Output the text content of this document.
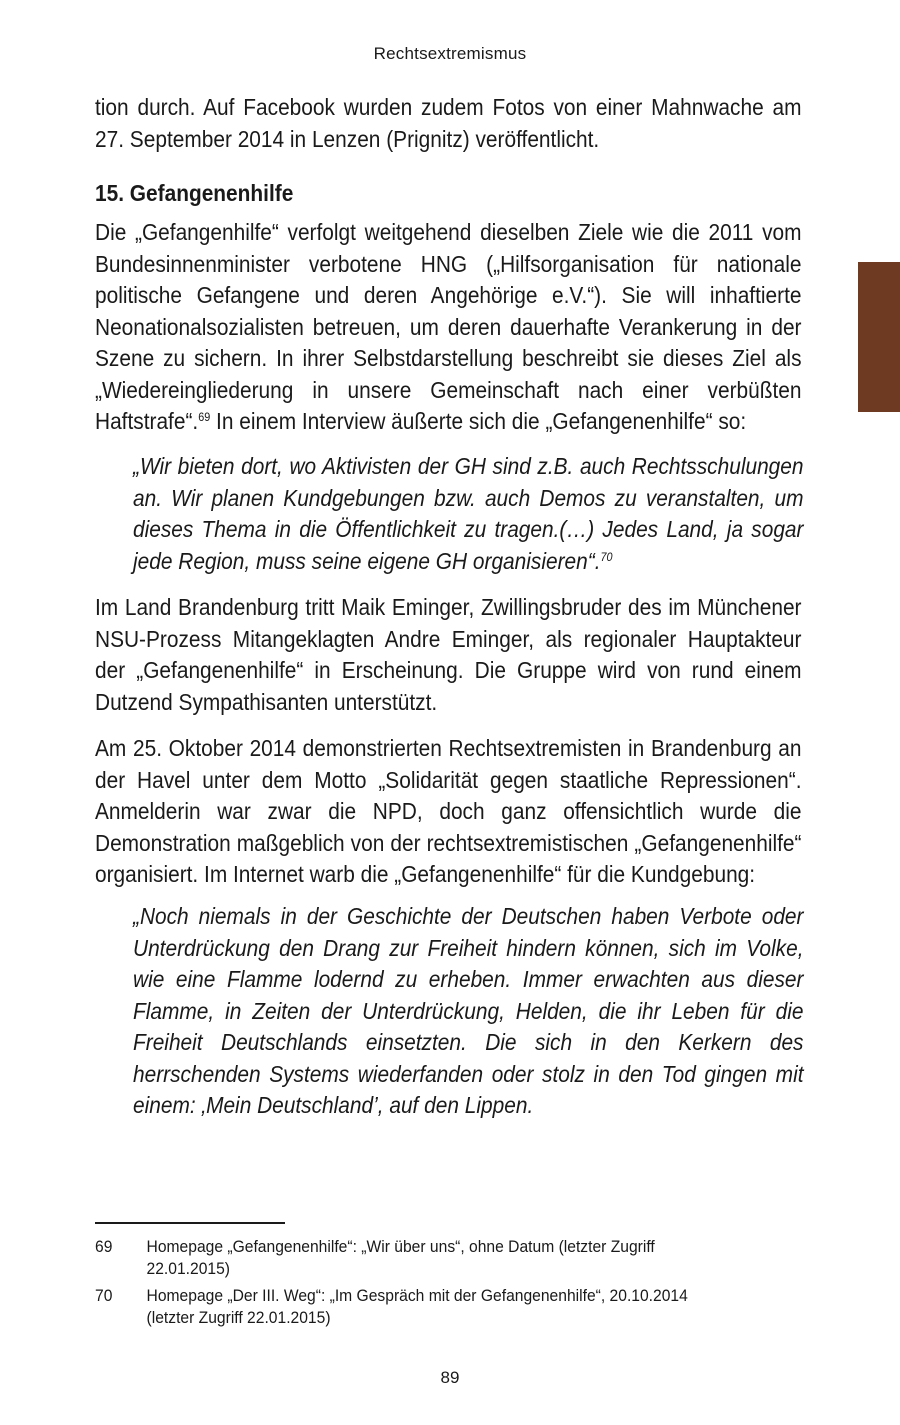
Rechtsextremismus

tion durch. Auf Facebook wurden zudem Fotos von einer Mahnwache am 27. September 2014 in Lenzen (Prignitz) veröffentlicht.

15. Gefangenenhilfe

Die „Gefangenhilfe“ verfolgt weitgehend dieselben Ziele wie die 2011 vom Bundesinnenminister verbotene HNG („Hilfsorganisation für nationale politische Gefangene und deren Angehörige e.V.“). Sie will inhaftierte Neonationalsozialisten betreuen, um deren dauerhafte Verankerung in der Szene zu sichern. In ihrer Selbstdarstellung beschreibt sie dieses Ziel als „Wiedereingliederung in unsere Gemeinschaft nach einer verbüßten Haftstrafe“.$^{69}$ In einem Interview äußerte sich die „Gefangenenhilfe“ so:

„Wir bieten dort, wo Aktivisten der GH sind z.B. auch Rechtsschulungen an. Wir planen Kundgebungen bzw. auch Demos zu veranstalten, um dieses Thema in die Öffentlichkeit zu tragen.(…) Jedes Land, ja sogar jede Region, muss seine eigene GH organisieren“.$^{70}$

Im Land Brandenburg tritt Maik Eminger, Zwillingsbruder des im Münchener NSU-Prozess Mitangeklagten Andre Eminger, als regionaler Hauptakteur der „Gefangenenhilfe“ in Erscheinung. Die Gruppe wird von rund einem Dutzend Sympathisanten unterstützt.

Am 25. Oktober 2014 demonstrierten Rechtsextremisten in Brandenburg an der Havel unter dem Motto „Solidarität gegen staatliche Repressionen“. Anmelderin war zwar die NPD, doch ganz offensichtlich wurde die Demonstration maßgeblich von der rechtsextremistischen „Gefangenenhilfe“ organisiert. Im Internet warb die „Gefangenenhilfe“ für die Kundgebung:

„Noch niemals in der Geschichte der Deutschen haben Verbote oder Unterdrückung den Drang zur Freiheit hindern können, sich im Volke, wie eine Flamme lodernd zu erheben. Immer erwachten aus dieser Flamme, in Zeiten der Unterdrückung, Helden, die ihr Leben für die Freiheit Deutschlands einsetzten. Die sich in den Kerkern des herrschenden Systems wiederfanden oder stolz in den Tod gingen mit einem: ‚Mein Deutschland’, auf den Lippen.

69 Homepage „Gefangenenhilfe“: „Wir über uns“, ohne Datum (letzter Zugriff 22.01.2015)
70 Homepage „Der III. Weg“: „Im Gespräch mit der Gefangenenhilfe“, 20.10.2014 (letzter Zugriff 22.01.2015)
89
